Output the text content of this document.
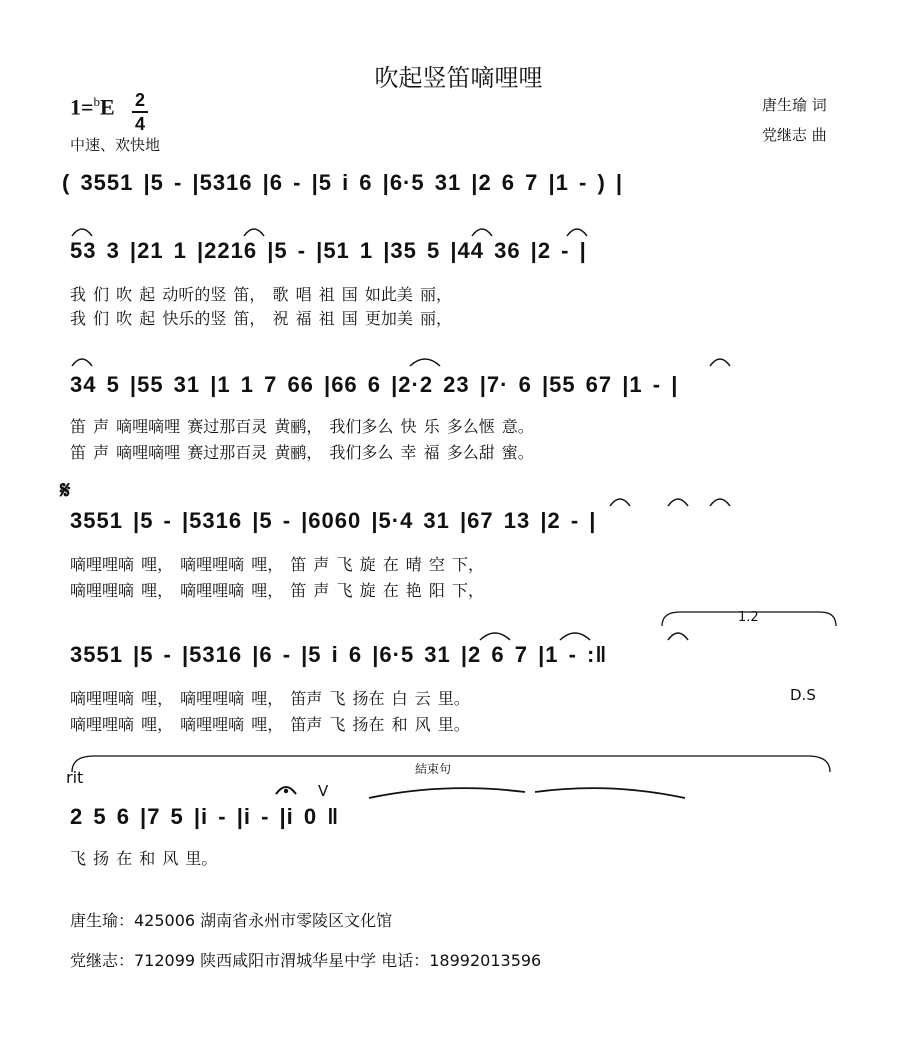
吹起竖笛嘀哩哩
1=$^b$E 2
4
中速、欢快地
唐生瑜 词
党继志 曲
( 3551 |5 - |5316 |6 - |5 i 6 |6·5 31 |2 6 7 |1 - ) |
53 3 |21 1 |2216 |5 - |51 1 |35 5 |44 36 |2 - |
我 们 吹 起 动听的竖 笛， 歌 唱 祖 国 如此美 丽，
我 们 吹 起 快乐的竖 笛， 祝 福 祖 国 更加美 丽，
34 5 |55 31 |1 1 7 66 |66 6 |2·2 23 |7· 6 |55 67 |1 - |
笛 声 嘀哩嘀哩 赛过那百灵 黄鹂， 我们多么 快 乐 多么惬 意。
笛 声 嘀哩嘀哩 赛过那百灵 黄鹂， 我们多么 幸 福 多么甜 蜜。
𝄋
3551 |5 - |5316 |5 - |6060 |5·4 31 |67 13 |2 - |
嘀哩哩嘀 哩， 嘀哩哩嘀 哩， 笛 声 飞 旋 在 晴 空 下，
嘀哩哩嘀 哩， 嘀哩哩嘀 哩， 笛 声 飞 旋 在 艳 阳 下，
1.2
3551 |5 - |5316 |6 - |5 i 6 |6·5 31 |2 6 7 |1 - :‖
嘀哩哩嘀 哩， 嘀哩哩嘀 哩， 笛声 飞 扬在 白 云 里。	D.S
嘀哩哩嘀 哩， 嘀哩哩嘀 哩， 笛声 飞 扬在 和 风 里。
結束句
rit
V
2 5 6 |7 5 |i - |i - |i 0 ‖
飞 扬 在 和 风 里。
唐生瑜：425006 湖南省永州市零陵区文化馆
党继志：712099 陕西咸阳市渭城华星中学 电话：18992013596
